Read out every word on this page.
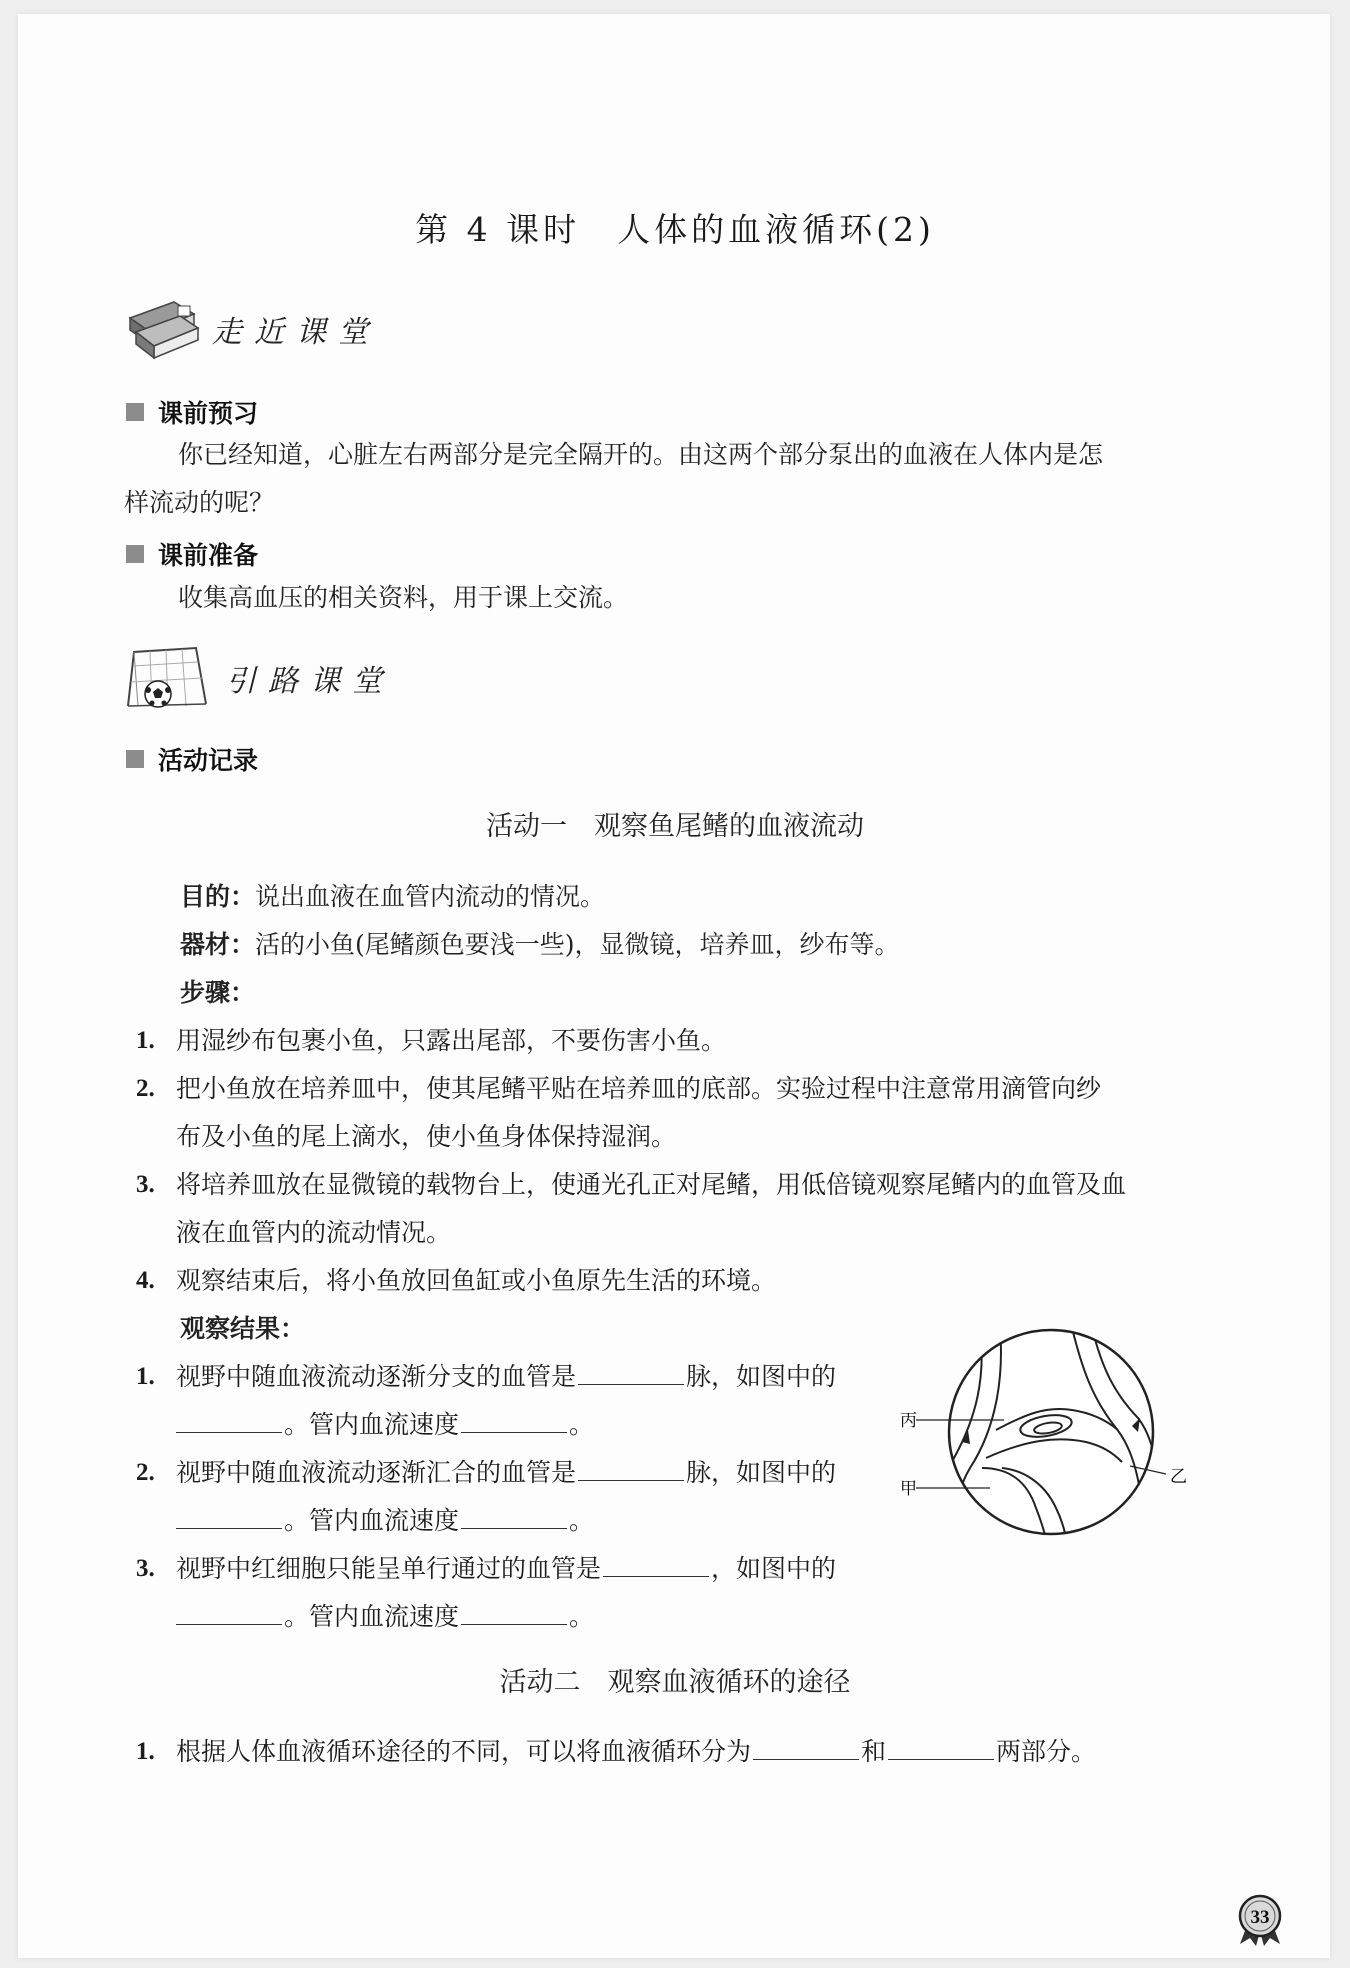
第 4 课时　人体的血液循环(2)
走近课堂
课前预习
你已经知道，心脏左右两部分是完全隔开的。由这两个部分泵出的血液在人体内是怎
样流动的呢？
课前准备
收集高血压的相关资料，用于课上交流。
引路课堂
活动记录
活动一　观察鱼尾鳍的血液流动
目的：说出血液在血管内流动的情况。
器材：活的小鱼(尾鳍颜色要浅一些)，显微镜，培养皿，纱布等。
步骤：
1. 用湿纱布包裹小鱼，只露出尾部，不要伤害小鱼。
2. 把小鱼放在培养皿中，使其尾鳍平贴在培养皿的底部。实验过程中注意常用滴管向纱
布及小鱼的尾上滴水，使小鱼身体保持湿润。
3. 将培养皿放在显微镜的载物台上，使通光孔正对尾鳍，用低倍镜观察尾鳍内的血管及血
液在血管内的流动情况。
4. 观察结束后，将小鱼放回鱼缸或小鱼原先生活的环境。
观察结果：
1. 视野中随血液流动逐渐分支的血管是	脉，如图中的
。管内血流速度	。
2. 视野中随血液流动逐渐汇合的血管是	脉，如图中的
。管内血流速度	。
3. 视野中红细胞只能呈单行通过的血管是	，如图中的
。管内血流速度	。
丙
甲
乙
活动二　观察血液循环的途径
1. 根据人体血液循环途径的不同，可以将血液循环分为	和	两部分。
33
